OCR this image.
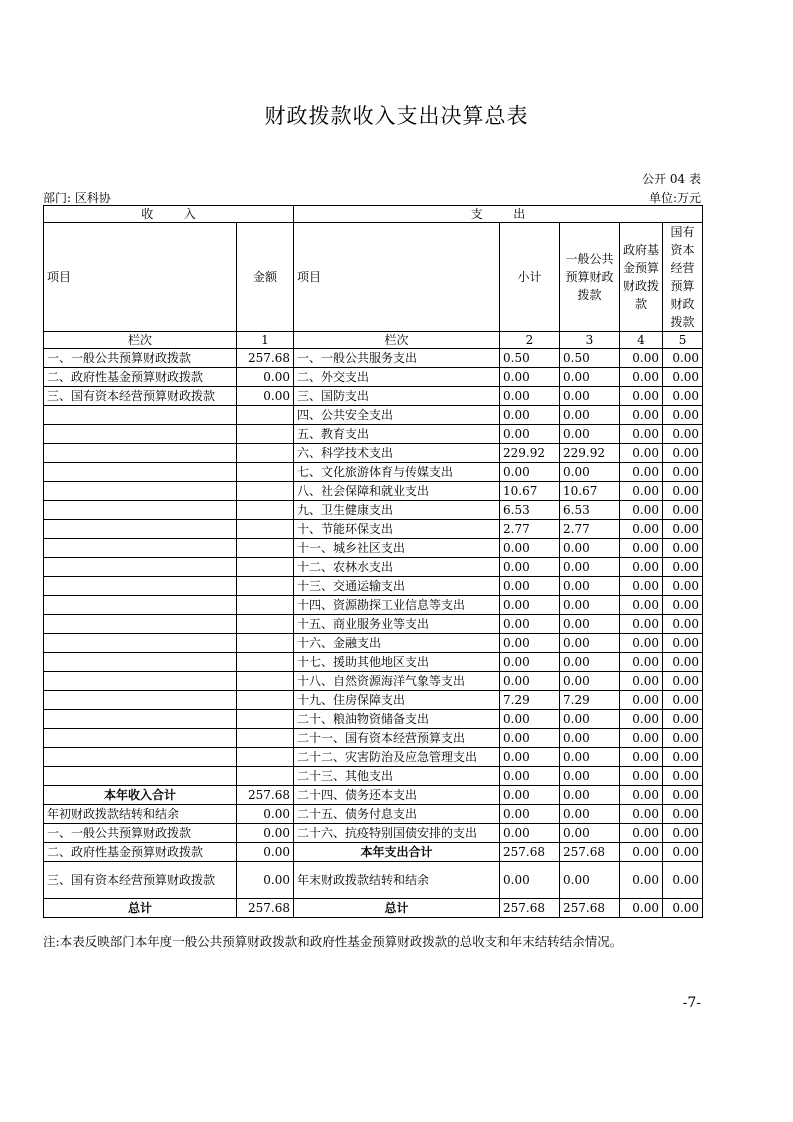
财政拨款收入支出决算总表
公开 04 表
部门: 区科协	单位:万元
收        入		支        出				
项目	金额	项目	小计	一般公共预算财政拨款	政府基金预算财政拨款	国有资本经营预算财政拨款
栏次	1	栏次	2	3	4	5
一、一般公共预算财政拨款	257.68	一、一般公共服务支出	0.50	0.50	0.00	0.00
二、政府性基金预算财政拨款	0.00	二、外交支出	0.00	0.00	0.00	0.00
三、国有资本经营预算财政拨款	0.00	三、国防支出	0.00	0.00	0.00	0.00
		四、公共安全支出	0.00	0.00	0.00	0.00
		五、教育支出	0.00	0.00	0.00	0.00
		六、科学技术支出	229.92	229.92	0.00	0.00
		七、文化旅游体育与传媒支出	0.00	0.00	0.00	0.00
		八、社会保障和就业支出	10.67	10.67	0.00	0.00
		九、卫生健康支出	6.53	6.53	0.00	0.00
		十、节能环保支出	2.77	2.77	0.00	0.00
		十一、城乡社区支出	0.00	0.00	0.00	0.00
		十二、农林水支出	0.00	0.00	0.00	0.00
		十三、交通运输支出	0.00	0.00	0.00	0.00
		十四、资源勘探工业信息等支出	0.00	0.00	0.00	0.00
		十五、商业服务业等支出	0.00	0.00	0.00	0.00
		十六、金融支出	0.00	0.00	0.00	0.00
		十七、援助其他地区支出	0.00	0.00	0.00	0.00
		十八、自然资源海洋气象等支出	0.00	0.00	0.00	0.00
		十九、住房保障支出	7.29	7.29	0.00	0.00
		二十、粮油物资储备支出	0.00	0.00	0.00	0.00
		二十一、国有资本经营预算支出	0.00	0.00	0.00	0.00
		二十二、灾害防治及应急管理支出	0.00	0.00	0.00	0.00
		二十三、其他支出	0.00	0.00	0.00	0.00
本年收入合计	257.68	二十四、债务还本支出	0.00	0.00	0.00	0.00
年初财政拨款结转和结余	0.00	二十五、债务付息支出	0.00	0.00	0.00	0.00
一、一般公共预算财政拨款	0.00	二十六、抗疫特别国债安排的支出	0.00	0.00	0.00	0.00
二、政府性基金预算财政拨款	0.00	本年支出合计	257.68	257.68	0.00	0.00
三、国有资本经营预算财政拨款	0.00	年末财政拨款结转和结余	0.00	0.00	0.00	0.00
总计	257.68	总计	257.68	257.68	0.00	0.00
注:本表反映部门本年度一般公共预算财政拨款和政府性基金预算财政拨款的总收支和年末结转结余情况。
-7-
